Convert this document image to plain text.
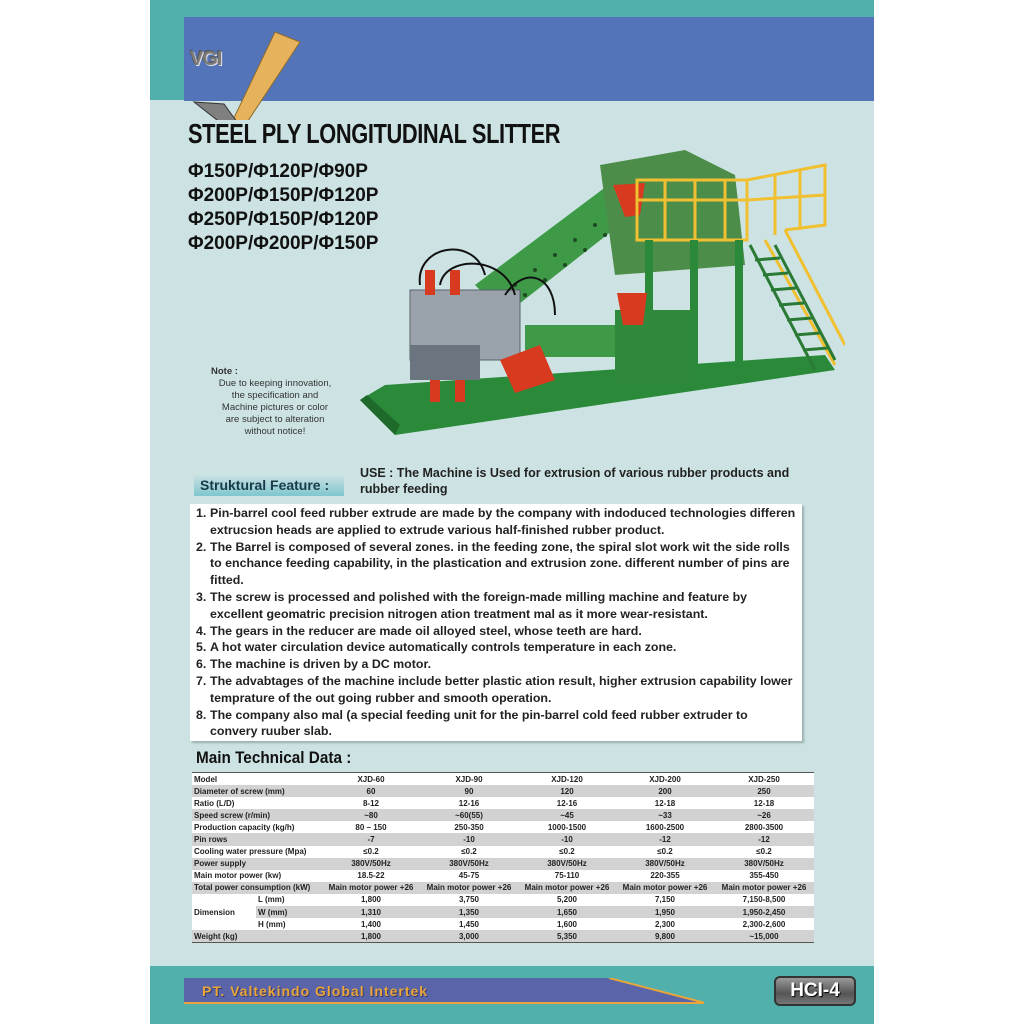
VGI
STEEL PLY LONGITUDINAL SLITTER
Φ150P/Φ120P/Φ90P
Φ200P/Φ150P/Φ120P
Φ250P/Φ150P/Φ120P
Φ200P/Φ200P/Φ150P
Note :
Due to keeping innovation,
the specification and
Machine pictures or color
are subject to alteration
without notice!
Struktural Feature :
USE : The Machine is Used for extrusion of various rubber products and rubber feeding
1. Pin-barrel cool feed rubber extrude are made by the company with indoduced technologies differen extrucsion heads are applied to extrude various half-finished rubber product.
2. The Barrel is composed of several zones. in the feeding zone, the spiral slot work wit the side rolls to enchance feeding capability, in the plastication and extrusion zone. different number of pins are fitted.
3. The screw is processed and polished with the foreign-made milling machine and feature by excellent geomatric precision nitrogen ation treatment mal as it more wear-resistant.
4. The gears in the reducer are made oil alloyed steel, whose teeth are hard.
5. A hot water circulation device automatically controls temperature in each zone.
6. The machine is driven by a DC motor.
7. The advabtages of the machine include better plastic ation result, higher extrusion capability lower temprature of the out going rubber and smooth operation.
8. The company also mal (a special feeding unit for the pin-barrel cold feed rubber extruder to convery ruuber slab.
Main Technical Data :
Model		XJD-60	XJD-90	XJD-120	XJD-200	XJD-250
Diameter of screw (mm)		60	90	120	200	250
Ratio (L/D)		8-12	12-16	12-16	12-18	12-18
Speed screw (r/min)		~80	~60(55)	~45	~33	~26
Production capacity (kg/h)		80 – 150	250-350	1000-1500	1600-2500	2800-3500
Pin rows		-7	-10	-10	-12	-12
Cooling water pressure (Mpa)		≤0.2	≤0.2	≤0.2	≤0.2	≤0.2
Power supply		380V/50Hz	380V/50Hz	380V/50Hz	380V/50Hz	380V/50Hz
Main motor power (kw)		18.5-22	45-75	75-110	220-355	355-450
Total power consumption (kW)		Main motor power +26	Main motor power +26	Main motor power +26	Main motor power +26	Main motor power +26
	L (mm)	1,800	3,750	5,200	7,150	7,150-8,500
Dimension	W (mm)	1,310	1,350	1,650	1,950	1,950-2,450
	H (mm)	1,400	1,450	1,600	2,300	2,300-2,600
Weight (kg)		1,800	3,000	5,350	9,800	~15,000
PT. Valtekindo Global Intertek	HCI-4
